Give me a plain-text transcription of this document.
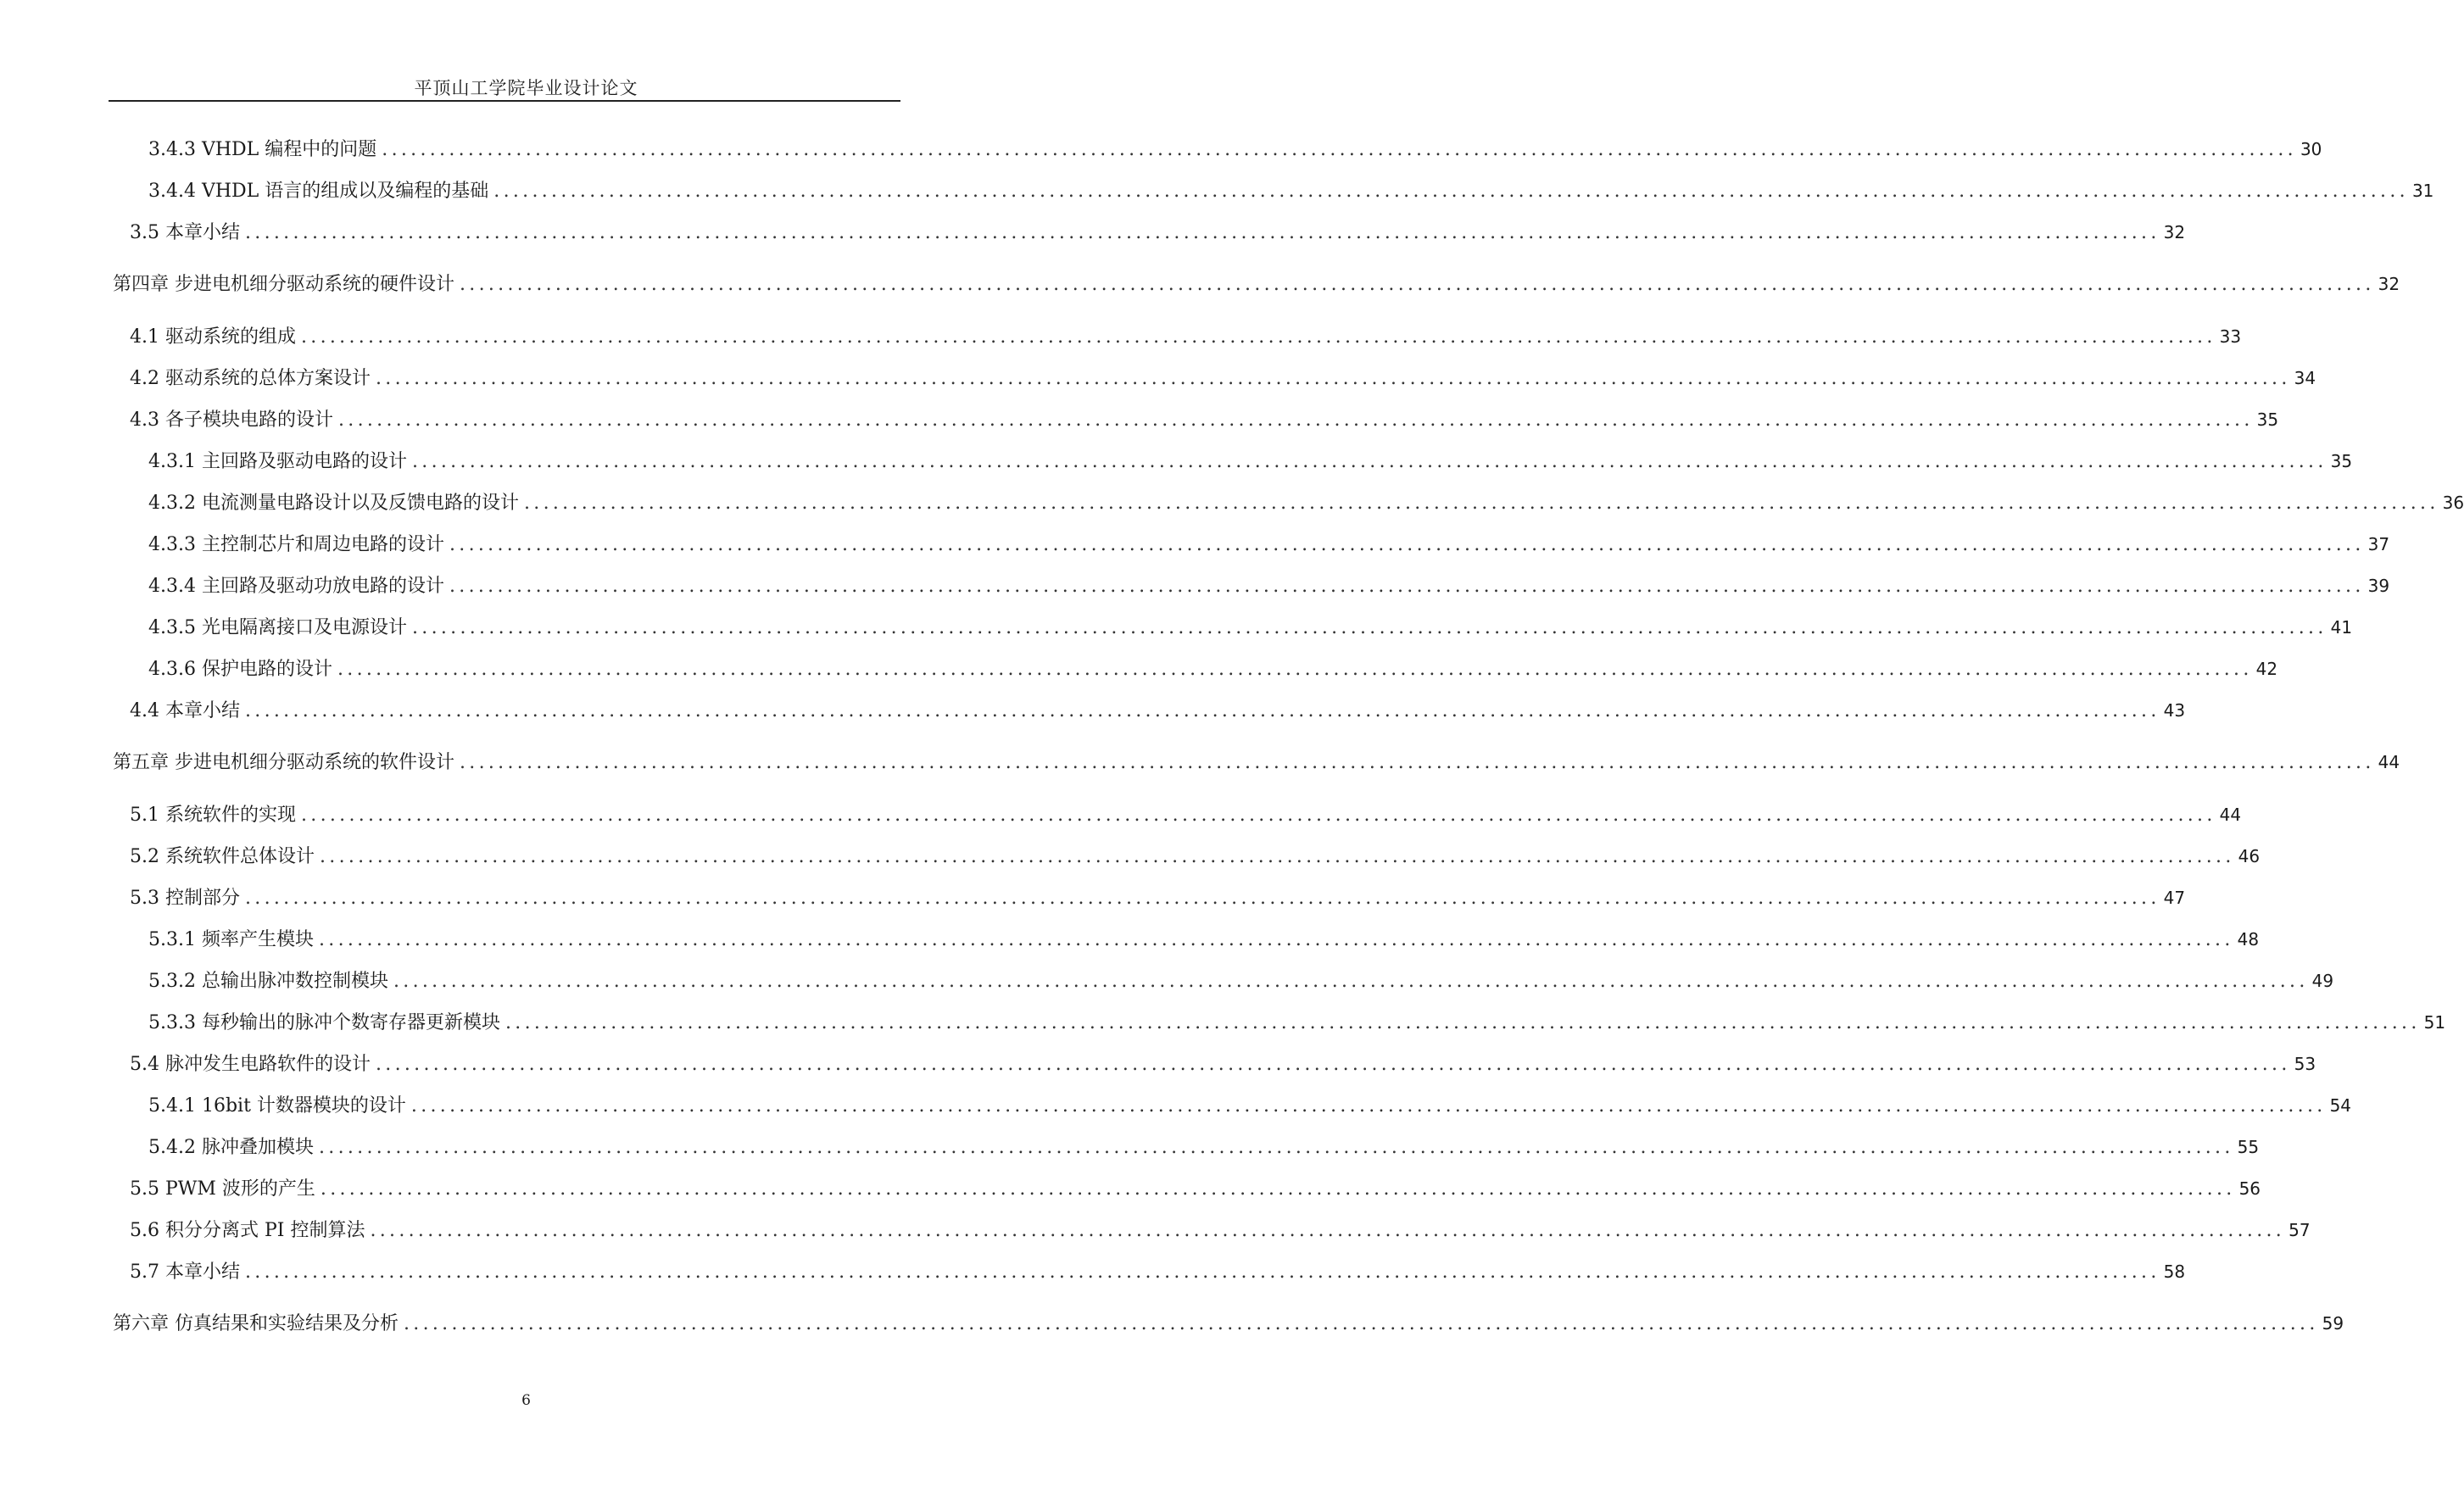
平顶山工学院毕业设计论文
3.4.3 VHDL 编程中的问题 ........................................................................................................................................................................................................ 30
3.4.4 VHDL 语言的组成以及编程的基础 ........................................................................................................................................................................................................ 31
3.5 本章小结 ........................................................................................................................................................................................................ 32
第四章 步进电机细分驱动系统的硬件设计 ........................................................................................................................................................................................................ 32
4.1 驱动系统的组成 ........................................................................................................................................................................................................ 33
4.2 驱动系统的总体方案设计 ........................................................................................................................................................................................................ 34
4.3 各子模块电路的设计 ........................................................................................................................................................................................................ 35
4.3.1 主回路及驱动电路的设计 ........................................................................................................................................................................................................ 35
4.3.2 电流测量电路设计以及反馈电路的设计 ........................................................................................................................................................................................................ 36
4.3.3 主控制芯片和周边电路的设计 ........................................................................................................................................................................................................ 37
4.3.4 主回路及驱动功放电路的设计 ........................................................................................................................................................................................................ 39
4.3.5 光电隔离接口及电源设计 ........................................................................................................................................................................................................ 41
4.3.6 保护电路的设计 ........................................................................................................................................................................................................ 42
4.4 本章小结 ........................................................................................................................................................................................................ 43
第五章 步进电机细分驱动系统的软件设计 ........................................................................................................................................................................................................ 44
5.1 系统软件的实现 ........................................................................................................................................................................................................ 44
5.2 系统软件总体设计 ........................................................................................................................................................................................................ 46
5.3 控制部分 ........................................................................................................................................................................................................ 47
5.3.1 频率产生模块 ........................................................................................................................................................................................................ 48
5.3.2 总输出脉冲数控制模块 ........................................................................................................................................................................................................ 49
5.3.3 每秒输出的脉冲个数寄存器更新模块 ........................................................................................................................................................................................................ 51
5.4 脉冲发生电路软件的设计 ........................................................................................................................................................................................................ 53
5.4.1 16bit 计数器模块的设计 ........................................................................................................................................................................................................ 54
5.4.2 脉冲叠加模块 ........................................................................................................................................................................................................ 55
5.5 PWM 波形的产生 ........................................................................................................................................................................................................ 56
5.6 积分分离式 PI 控制算法 ........................................................................................................................................................................................................ 57
5.7 本章小结 ........................................................................................................................................................................................................ 58
第六章 仿真结果和实验结果及分析 ........................................................................................................................................................................................................ 59
6
